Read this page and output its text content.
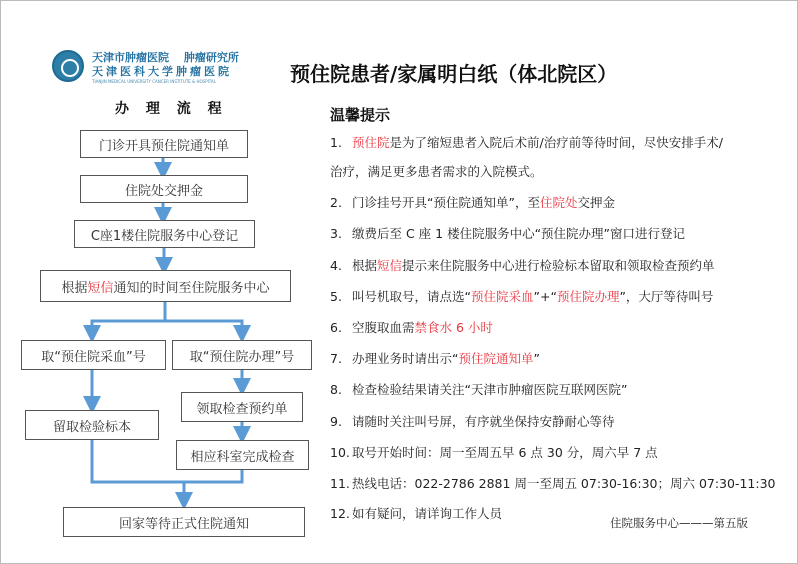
天津市肿瘤医院　 肿瘤研究所
天津医科大学肿瘤医院
TIANJIN MEDICAL UNIVERSITY CANCER INSTITUTE & HOSPITAL	预住院患者/家属明白纸（体北院区）
办 理 流 程
门诊开具预住院通知单
住院处交押金
C座1楼住院服务中心登记
根据 短信 通知的时间至住院服务中心
取“预住院采血”号	取“预住院办理”号
留取检验标本
领取检查预约单
相应科室完成检查
回家等待正式住院通知
温馨提示
1. 预住院是为了缩短患者入院后术前/治疗前等待时间，尽快安排手术/
治疗，满足更多患者需求的入院模式。
2. 门诊挂号开具“预住院通知单”，至住院处交押金
3. 缴费后至 C 座 1 楼住院服务中心“预住院办理”窗口进行登记
4. 根据短信提示来住院服务中心进行检验标本留取和领取检查预约单
5. 叫号机取号，请点选“预住院采血”+“预住院办理”，大厅等待叫号
6. 空腹取血需禁食水 6 小时
7. 办理业务时请出示“预住院通知单”
8. 检查检验结果请关注“天津市肿瘤医院互联网医院”
9. 请随时关注叫号屏，有序就坐保持安静耐心等待
10. 取号开始时间：周一至周五早 6 点 30 分，周六早 7 点
11. 热线电话：022-2786 2881 周一至周五 07:30-16:30；周六 07:30-11:30
12. 如有疑问，请详询工作人员
住院服务中心———第五版
